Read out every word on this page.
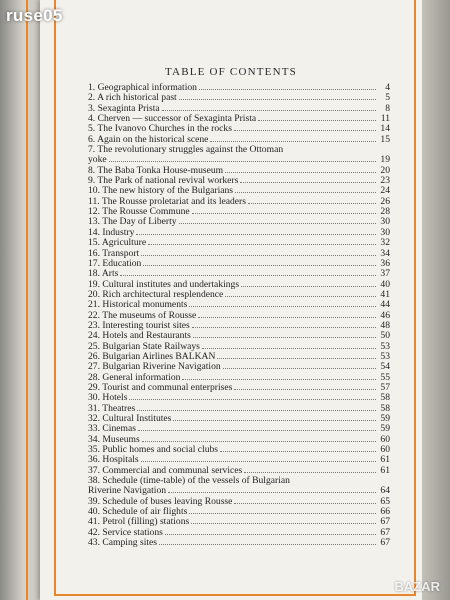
TABLE OF CONTENTS
1. Geographical information	4
2. A rich historical past	5
3. Sexaginta Prista	8
4. Cherven — successor of Sexaginta Prista	11
5. The Ivanovo Churches in the rocks	14
6. Again on the historical scene	15
7. The revolutionary struggles against the Ottoman
yoke	19
8. The Baba Tonka House-museum	20
9. The Park of national revival workers	23
10. The new history of the Bulgarians	24
11. The Rousse proletariat and its leaders	26
12. The Rousse Commune	28
13. The Day of Liberty	30
14. Industry	30
15. Agriculture	32
16. Transport	34
17. Education	36
18. Arts	37
19. Cultural institutes and undertakings	40
20. Rich architectural resplendence	41
21. Historical monuments	44
22. The museums of Rousse	46
23. Interesting tourist sites	48
24. Hotels and Restaurants	50
25. Bulgarian State Railways	53
26. Bulgarian Airlines BALKAN	53
27. Bulgarian Riverine Navigation	54
28. General information	55
29. Tourist and communal enterprises	57
30. Hotels	58
31. Theatres	58
32. Cultural Institutes	59
33. Cinemas	59
34. Museums	60
35. Public homes and social clubs	60
36. Hospitals	61
37. Commercial and communal services	61
38. Schedule (time-table) of the vessels of Bulgarian
Riverine Navigation	64
39. Schedule of buses leaving Rousse	65
40. Schedule of air flights	66
41. Petrol (filling) stations	67
42. Service stations	67
43. Camping sites	67
ruse05
BAZAR
